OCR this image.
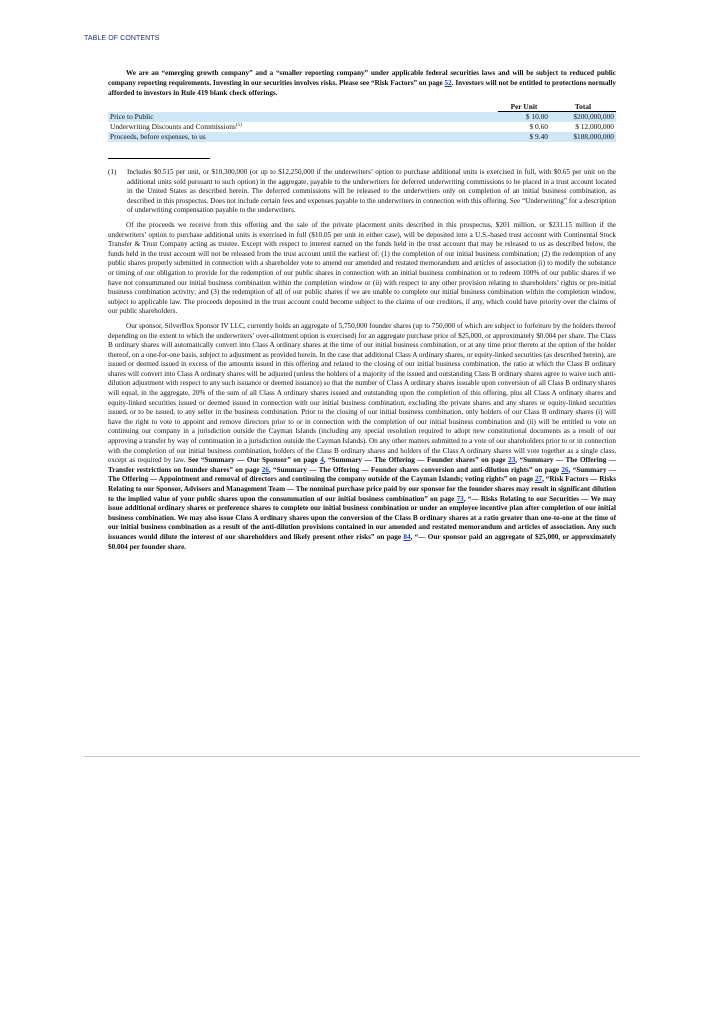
TABLE OF CONTENTS

We are an “emerging growth company” and a “smaller reporting company” under applicable federal securities laws and will be subject to reduced public company reporting requirements. Investing in our securities involves risks. Please see “Risk Factors” on page 52. Investors will not be entitled to protections normally afforded to investors in Rule 419 blank check offerings.

	Per Unit	Total
Price to Public	$ 10.00	$200,000,000
Underwriting Discounts and Commissions$^{(1)}$	$ 0.60	$ 12,000,000
Proceeds, before expenses, to us	$ 9.40	$188,000,000
(1)	Includes $0.515 per unit, or $10,300,000 (or up to $12,250,000 if the underwriters’ option to purchase additional units is exercised in full, with $0.65 per unit on the additional units sold pursuant to such option) in the aggregate, payable to the underwriters for deferred underwriting commissions to be placed in a trust account located in the United States as described herein. The deferred commissions will be released to the underwriters only on completion of an initial business combination, as described in this prospectus. Does not include certain fees and expenses payable to the underwriters in connection with this offering. See “Underwriting” for a description of underwriting compensation payable to the underwriters.

Of the proceeds we receive from this offering and the sale of the private placement units described in this prospectus, $201 million, or $231.15 million if the underwriters’ option to purchase additional units is exercised in full ($10.05 per unit in either case), will be deposited into a U.S.-based trust account with Continental Stock Transfer & Trust Company acting as trustee. Except with respect to interest earned on the funds held in the trust account that may be released to us as described below, the funds held in the trust account will not be released from the trust account until the earliest of: (1) the completion of our initial business combination; (2) the redemption of any public shares properly submitted in connection with a shareholder vote to amend our amended and restated memorandum and articles of association (i) to modify the substance or timing of our obligation to provide for the redemption of our public shares in connection with an initial business combination or to redeem 100% of our public shares if we have not consummated our initial business combination within the completion window or (ii) with respect to any other provision relating to shareholders’ rights or pre-initial business combination activity; and (3) the redemption of all of our public shares if we are unable to complete our initial business combination within the completion window, subject to applicable law. The proceeds deposited in the trust account could become subject to the claims of our creditors, if any, which could have priority over the claims of our public shareholders.

Our sponsor, SilverBox Sponsor IV LLC, currently holds an aggregate of 5,750,000 founder shares (up to 750,000 of which are subject to forfeiture by the holders thereof depending on the extent to which the underwriters’ over-allotment option is exercised) for an aggregate purchase price of $25,000, or approximately $0.004 per share. The Class B ordinary shares will automatically convert into Class A ordinary shares at the time of our initial business combination, or at any time prior thereto at the option of the holder thereof, on a one-for-one basis, subject to adjustment as provided herein. In the case that additional Class A ordinary shares, or equity-linked securities (as described herein), are issued or deemed issued in excess of the amounts issued in this offering and related to the closing of our initial business combination, the ratio at which the Class B ordinary shares will convert into Class A ordinary shares will be adjusted (unless the holders of a majority of the issued and outstanding Class B ordinary shares agree to waive such anti-dilution adjustment with respect to any such issuance or deemed issuance) so that the number of Class A ordinary shares issuable upon conversion of all Class B ordinary shares will equal, in the aggregate, 20% of the sum of all Class A ordinary shares issued and outstanding upon the completion of this offering, plus all Class A ordinary shares and equity-linked securities issued or deemed issued in connection with our initial business combination, excluding the private shares and any shares or equity-linked securities issued, or to be issued, to any seller in the business combination. Prior to the closing of our initial business combination, only holders of our Class B ordinary shares (i) will have the right to vote to appoint and remove directors prior to or in connection with the completion of our initial business combination and (ii) will be entitled to vote on continuing our company in a jurisdiction outside the Cayman Islands (including any special resolution required to adopt new constitutional documents as a result of our approving a transfer by way of continuation in a jurisdiction outside the Cayman Islands). On any other matters submitted to a vote of our shareholders prior to or in connection with the completion of our initial business combination, holders of the Class B ordinary shares and holders of the Class A ordinary shares will vote together as a single class, except as required by law. See “Summary — Our Sponsor” on page 4, “Summary — The Offering — Founder shares” on page 23, “Summary — The Offering — Transfer restrictions on founder shares” on page 26, “Summary — The Offering — Founder shares conversion and anti-dilution rights” on page 26, “Summary — The Offering — Appointment and removal of directors and continuing the company outside of the Cayman Islands; voting rights” on page 27, “Risk Factors — Risks Relating to our Sponsor, Advisors and Management Team — The nominal purchase price paid by our sponsor for the founder shares may result in significant dilution to the implied value of your public shares upon the consummation of our initial business combination” on page 73, “— Risks Relating to our Securities — We may issue additional ordinary shares or preference shares to complete our initial business combination or under an employee incentive plan after completion of our initial business combination. We may also issue Class A ordinary shares upon the conversion of the Class B ordinary shares at a ratio greater than one-to-one at the time of our initial business combination as a result of the anti-dilution provisions contained in our amended and restated memorandum and articles of association. Any such issuances would dilute the interest of our shareholders and likely present other risks” on page 84, “— Our sponsor paid an aggregate of $25,000, or approximately $0.004 per founder share.
